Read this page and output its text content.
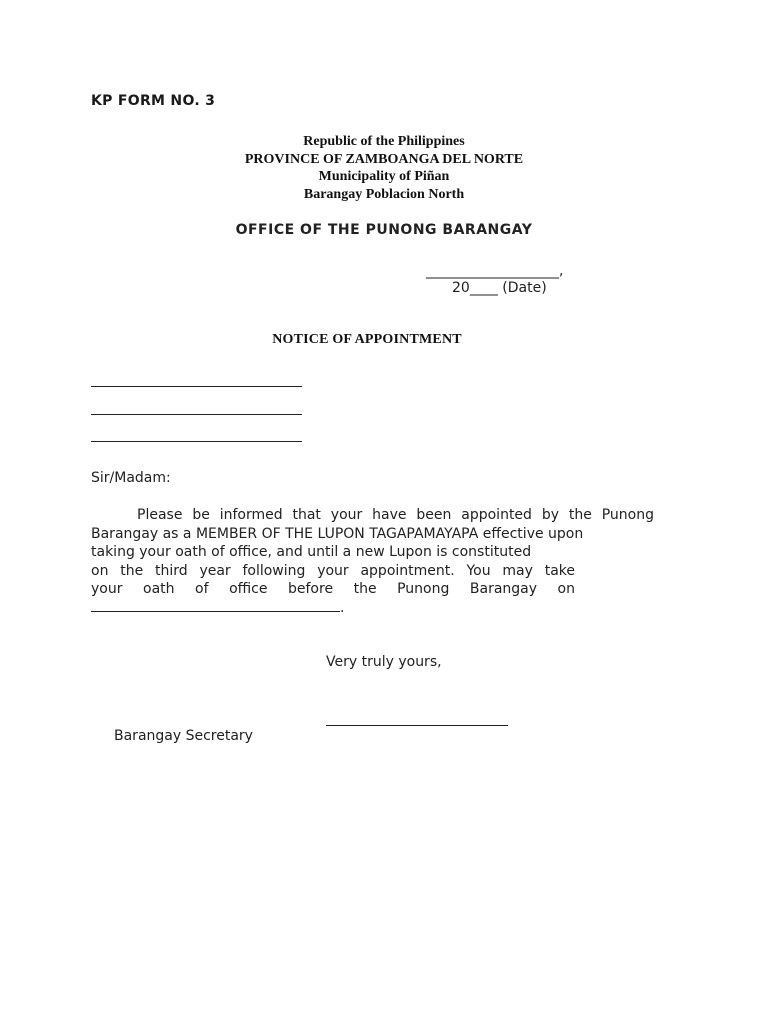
KP FORM NO. 3
Republic of the Philippines
PROVINCE OF ZAMBOANGA DEL NORTE
Municipality of Piñan
Barangay Poblacion North
OFFICE OF THE PUNONG BARANGAY
___________________,
20____ (Date)
NOTICE OF APPOINTMENT
Sir/Madam:
Please be informed that your have been appointed by the Punong
Barangay as a MEMBER OF THE LUPON TAGAPAMAYAPA effective upon
taking your oath of office, and until a new Lupon is constituted
on the third year following your appointment. You may take
your oath of office before the Punong Barangay on
.
Very truly yours,
Barangay Secretary
